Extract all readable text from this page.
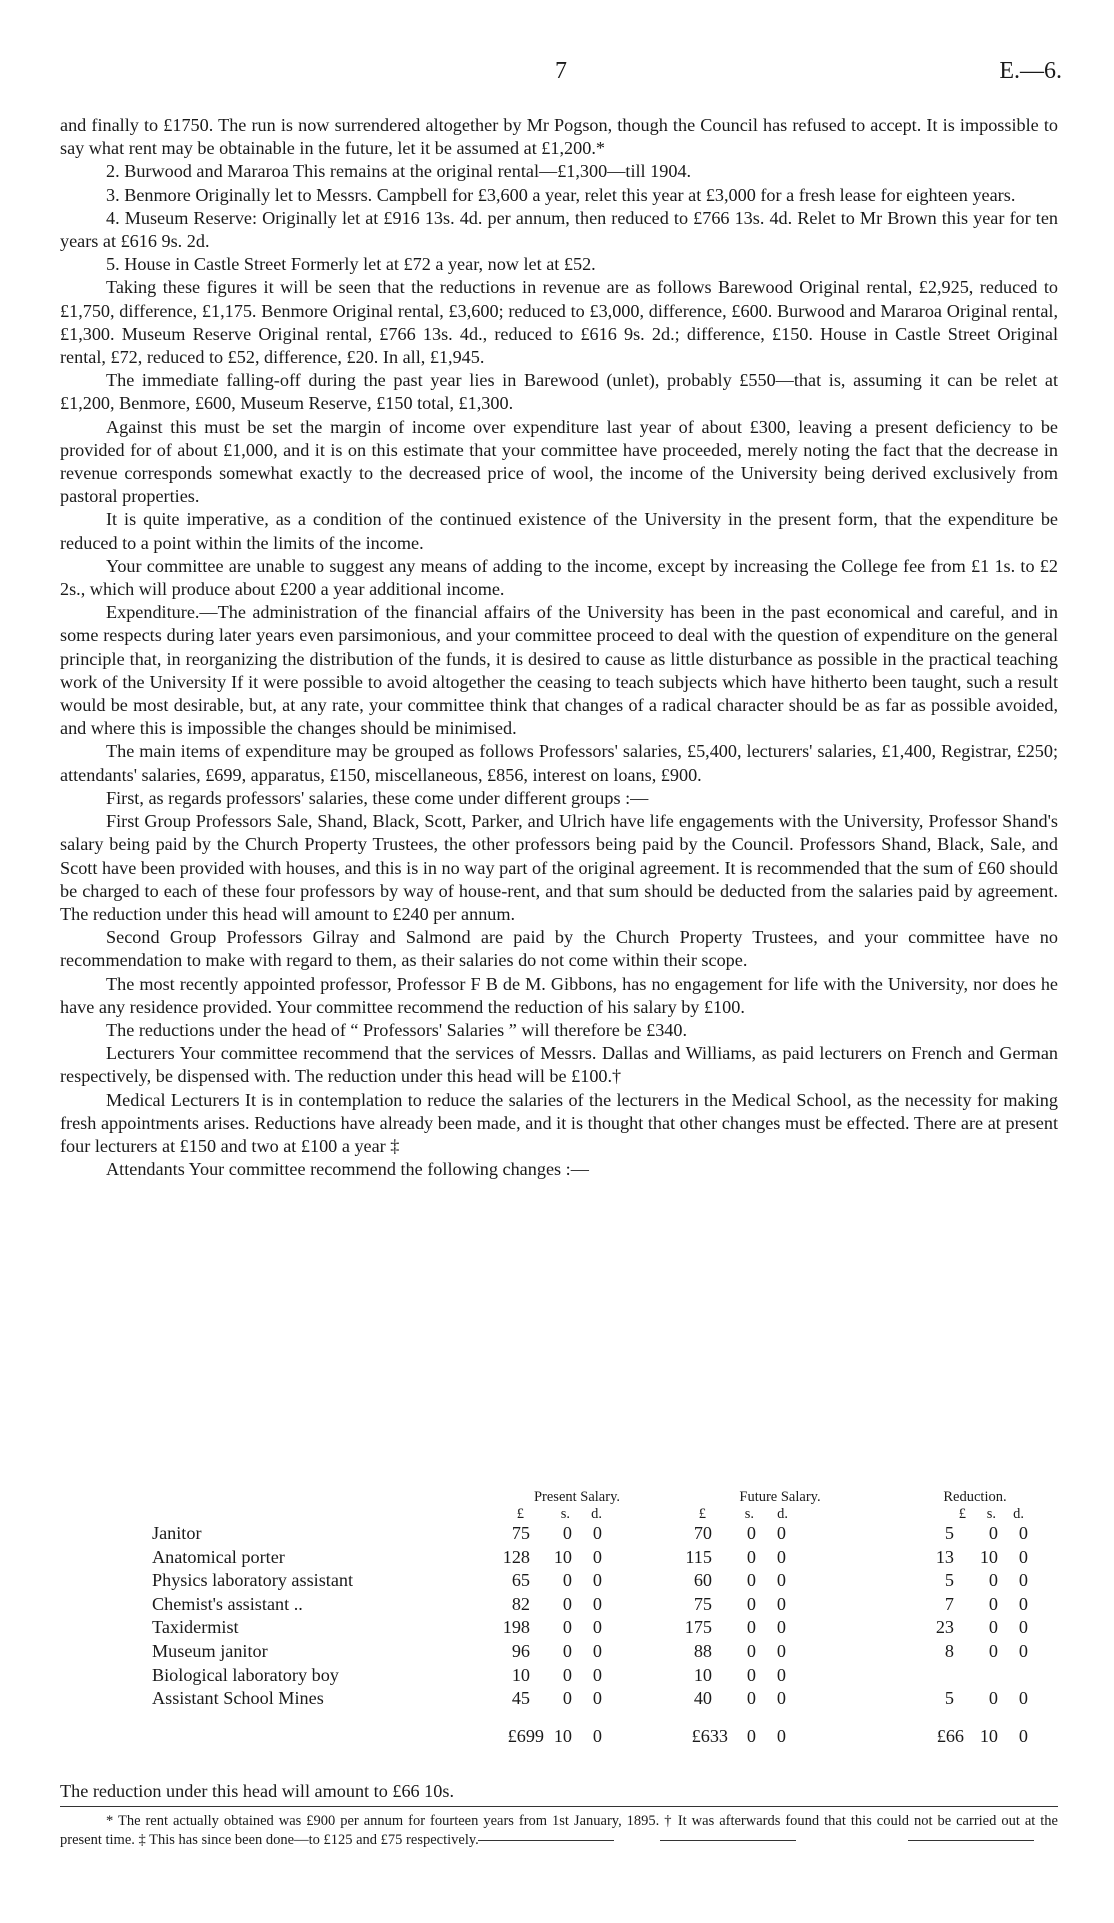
7	E.—6.

and finally to £1750. The run is now surrendered altogether by Mr Pogson, though the Council has refused to accept. It is impossible to say what rent may be obtainable in the future, let it be assumed at £1,200.*

2. Burwood and Mararoa This remains at the original rental—£1,300—till 1904.

3. Benmore Originally let to Messrs. Campbell for £3,600 a year, relet this year at £3,000 for a fresh lease for eighteen years.

4. Museum Reserve: Originally let at £916 13s. 4d. per annum, then reduced to £766 13s. 4d. Relet to Mr Brown this year for ten years at £616 9s. 2d.

5. House in Castle Street Formerly let at £72 a year, now let at £52.

Taking these figures it will be seen that the reductions in revenue are as follows Barewood Original rental, £2,925, reduced to £1,750, difference, £1,175. Benmore Original rental, £3,600; reduced to £3,000, difference, £600. Burwood and Mararoa Original rental, £1,300. Museum Reserve Original rental, £766 13s. 4d., reduced to £616 9s. 2d.; difference, £150. House in Castle Street Original rental, £72, reduced to £52, difference, £20. In all, £1,945.

The immediate falling-off during the past year lies in Barewood (unlet), probably £550—that is, assuming it can be relet at £1,200, Benmore, £600, Museum Reserve, £150 total, £1,300.

Against this must be set the margin of income over expenditure last year of about £300, leaving a present deficiency to be provided for of about £1,000, and it is on this estimate that your committee have proceeded, merely noting the fact that the decrease in revenue corresponds somewhat exactly to the decreased price of wool, the income of the University being derived exclusively from pastoral properties.

It is quite imperative, as a condition of the continued existence of the University in the present form, that the expenditure be reduced to a point within the limits of the income.

Your committee are unable to suggest any means of adding to the income, except by increasing the College fee from £1 1s. to £2 2s., which will produce about £200 a year additional income.

Expenditure.—The administration of the financial affairs of the University has been in the past economical and careful, and in some respects during later years even parsimonious, and your committee proceed to deal with the question of expenditure on the general principle that, in reorganizing the distribution of the funds, it is desired to cause as little disturbance as possible in the practical teaching work of the University If it were possible to avoid altogether the ceasing to teach subjects which have hitherto been taught, such a result would be most desirable, but, at any rate, your committee think that changes of a radical character should be as far as possible avoided, and where this is impossible the changes should be minimised.

The main items of expenditure may be grouped as follows Professors' salaries, £5,400, lecturers' salaries, £1,400, Registrar, £250; attendants' salaries, £699, apparatus, £150, miscellaneous, £856, interest on loans, £900.

First, as regards professors' salaries, these come under different groups :—

First Group Professors Sale, Shand, Black, Scott, Parker, and Ulrich have life engagements with the University, Professor Shand's salary being paid by the Church Property Trustees, the other professors being paid by the Council. Professors Shand, Black, Sale, and Scott have been provided with houses, and this is in no way part of the original agreement. It is recommended that the sum of £60 should be charged to each of these four professors by way of house-rent, and that sum should be deducted from the salaries paid by agreement. The reduction under this head will amount to £240 per annum.

Second Group Professors Gilray and Salmond are paid by the Church Property Trustees, and your committee have no recommendation to make with regard to them, as their salaries do not come within their scope.

The most recently appointed professor, Professor F B de M. Gibbons, has no engagement for life with the University, nor does he have any residence provided. Your committee recommend the reduction of his salary by £100.

The reductions under the head of “ Professors' Salaries ” will therefore be £340.

Lecturers Your committee recommend that the services of Messrs. Dallas and Williams, as paid lecturers on French and German respectively, be dispensed with. The reduction under this head will be £100.†

Medical Lecturers It is in contemplation to reduce the salaries of the lecturers in the Medical School, as the necessity for making fresh appointments arises. Reductions have already been made, and it is thought that other changes must be effected. There are at present four lecturers at £150 and two at £100 a year ‡

Attendants Your committee recommend the following changes :—

Present Salary.	Future Salary.	Reduction.
£	s.	d.	£	s.	d.	£	s.	d.
Janitor	75	0	0	70	0	0	5	0	0
Anatomical porter	128	10	0	115	0	0	13	10	0
Physics laboratory assistant	65	0	0	60	0	0	5	0	0
Chemist's assistant ..	82	0	0	75	0	0	7	0	0
Taxidermist	198	0	0	175	0	0	23	0	0
Museum janitor	96	0	0	88	0	0	8	0	0
Biological laboratory boy	10	0	0	10	0	0
Assistant School Mines	45	0	0	40	0	0	5	0	0
£699 10	0	£633	0	0	£66 10	0
The reduction under this head will amount to £66 10s.

* The rent actually obtained was £900 per annum for fourteen years from 1st January, 1895. † It was afterwards found that this could not be carried out at the present time. ‡ This has since been done—to £125 and £75 respectively.
